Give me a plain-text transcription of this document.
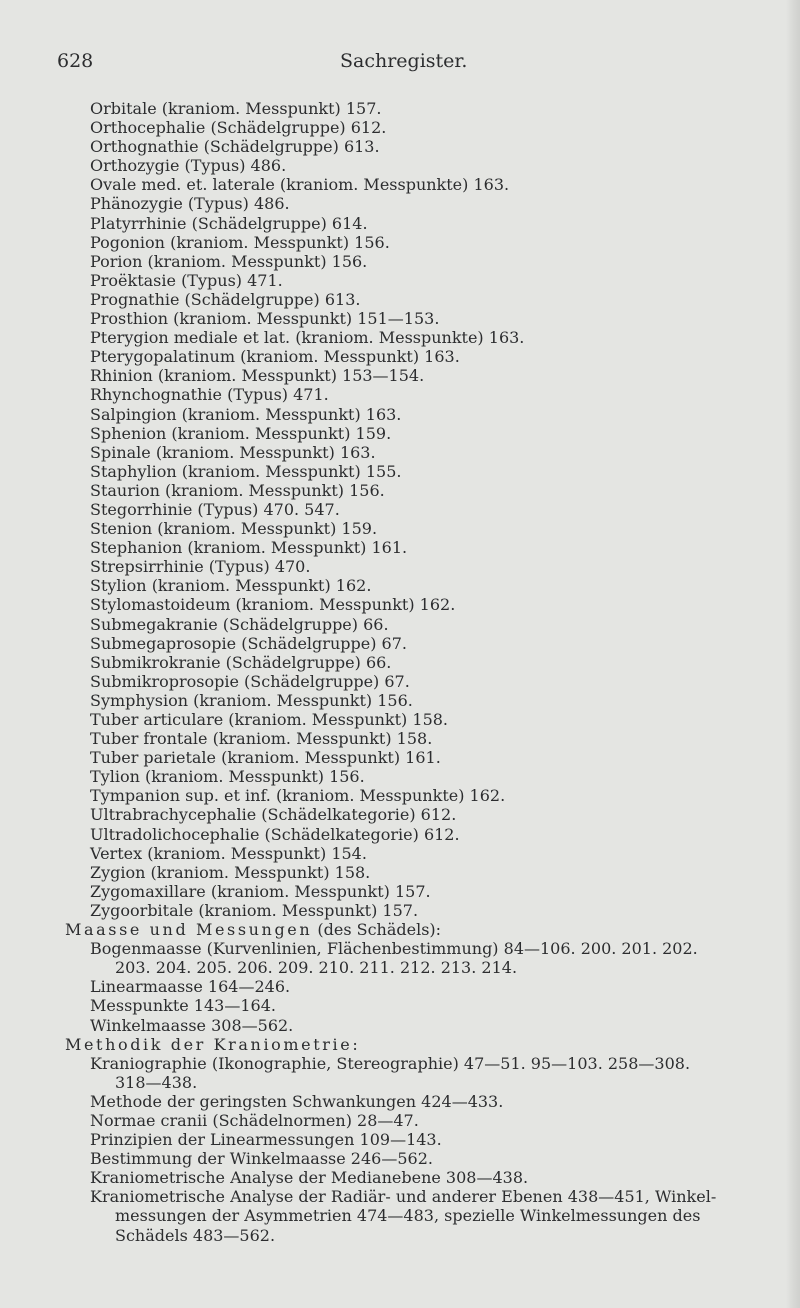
628	Sachregister.
Orbitale (kraniom. Messpunkt) 157.
Orthocephalie (Schädelgruppe) 612.
Orthognathie (Schädelgruppe) 613.
Orthozygie (Typus) 486.
Ovale med. et. laterale (kraniom. Messpunkte) 163.
Phänozygie (Typus) 486.
Platyrrhinie (Schädelgruppe) 614.
Pogonion (kraniom. Messpunkt) 156.
Porion (kraniom. Messpunkt) 156.
Proëktasie (Typus) 471.
Prognathie (Schädelgruppe) 613.
Prosthion (kraniom. Messpunkt) 151—153.
Pterygion mediale et lat. (kraniom. Messpunkte) 163.
Pterygopalatinum (kraniom. Messpunkt) 163.
Rhinion (kraniom. Messpunkt) 153—154.
Rhynchognathie (Typus) 471.
Salpingion (kraniom. Messpunkt) 163.
Sphenion (kraniom. Messpunkt) 159.
Spinale (kraniom. Messpunkt) 163.
Staphylion (kraniom. Messpunkt) 155.
Staurion (kraniom. Messpunkt) 156.
Stegorrhinie (Typus) 470. 547.
Stenion (kraniom. Messpunkt) 159.
Stephanion (kraniom. Messpunkt) 161.
Strepsirrhinie (Typus) 470.
Stylion (kraniom. Messpunkt) 162.
Stylomastoideum (kraniom. Messpunkt) 162.
Submegakranie (Schädelgruppe) 66.
Submegaprosopie (Schädelgruppe) 67.
Submikrokranie (Schädelgruppe) 66.
Submikroprosopie (Schädelgruppe) 67.
Symphysion (kraniom. Messpunkt) 156.
Tuber articulare (kraniom. Messpunkt) 158.
Tuber frontale (kraniom. Messpunkt) 158.
Tuber parietale (kraniom. Messpunkt) 161.
Tylion (kraniom. Messpunkt) 156.
Tympanion sup. et inf. (kraniom. Messpunkte) 162.
Ultrabrachycephalie (Schädelkategorie) 612.
Ultradolichocephalie (Schädelkategorie) 612.
Vertex (kraniom. Messpunkt) 154.
Zygion (kraniom. Messpunkt) 158.
Zygomaxillare (kraniom. Messpunkt) 157.
Zygoorbitale (kraniom. Messpunkt) 157.
Maasse und Messungen (des Schädels):
Bogenmaasse (Kurvenlinien, Flächenbestimmung) 84—106. 200. 201. 202.
203. 204. 205. 206. 209. 210. 211. 212. 213. 214.
Linearmaasse 164—246.
Messpunkte 143—164.
Winkelmaasse 308—562.
Methodik der Kraniometrie:
Kraniographie (Ikonographie, Stereographie) 47—51. 95—103. 258—308.
318—438.
Methode der geringsten Schwankungen 424—433.
Normae cranii (Schädelnormen) 28—47.
Prinzipien der Linearmessungen 109—143.
Bestimmung der Winkelmaasse 246—562.
Kraniometrische Analyse der Medianebene 308—438.
Kraniometrische Analyse der Radiär- und anderer Ebenen 438—451, Winkel-
messungen der Asymmetrien 474—483, spezielle Winkelmessungen des
Schädels 483—562.
